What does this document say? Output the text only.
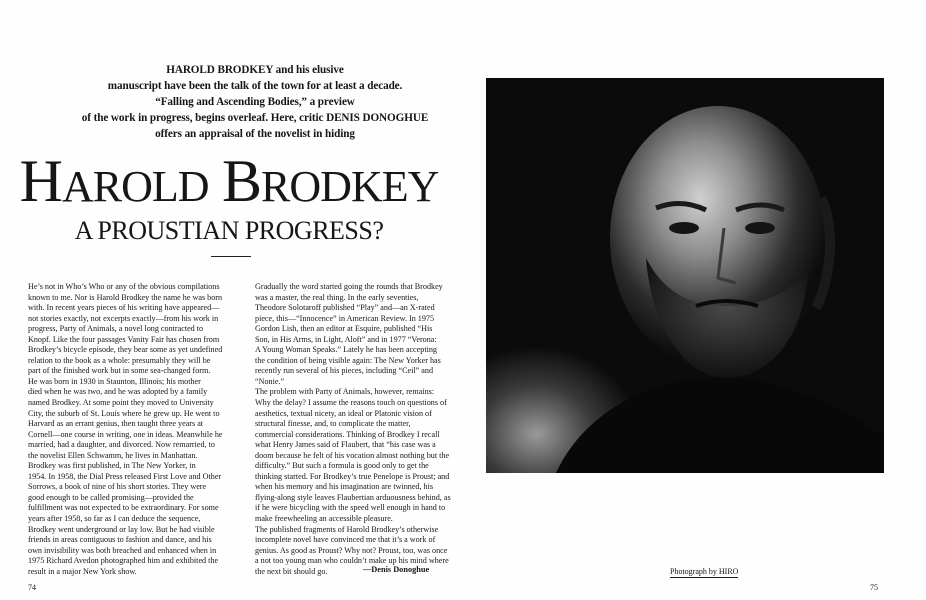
HAROLD BRODKEY and his elusive
manuscript have been the talk of the town for at least a decade.
“Falling and Ascending Bodies,” a preview
of the work in progress, begins overleaf. Here, critic DENIS DONOGHUE
offers an appraisal of the novelist in hiding
HAROLD BRODKEY
A PROUSTIAN PROGRESS?
He’s not in Who’s Who or any of the obvious compilations
known to me. Nor is Harold Brodkey the name he was born
with. In recent years pieces of his writing have appeared—
not stories exactly, not excerpts exactly—from his work in
progress, Party of Animals, a novel long contracted to
Knopf. Like the four passages Vanity Fair has chosen from
Brodkey’s bicycle episode, they bear some as yet undefined
relation to the book as a whole: presumably they will be
part of the finished work but in some sea-changed form.
He was born in 1930 in Staunton, Illinois; his mother
died when he was two, and he was adopted by a family
named Brodkey. At some point they moved to University
City, the suburb of St. Louis where he grew up. He went to
Harvard as an errant genius, then taught three years at
Cornell—one course in writing, one in ideas. Meanwhile he
married, had a daughter, and divorced. Now remarried, to
the novelist Ellen Schwamm, he lives in Manhattan.
Brodkey was first published, in The New Yorker, in
1954. In 1958, the Dial Press released First Love and Other
Sorrows, a book of nine of his short stories. They were
good enough to be called promising—provided the
fulfillment was not expected to be extraordinary. For some
years after 1958, so far as I can deduce the sequence,
Brodkey went underground or lay low. But he had visible
friends in areas contiguous to fashion and dance, and his
own invisibility was both breached and enhanced when in
1975 Richard Avedon photographed him and exhibited the
result in a major New York show.
Gradually the word started going the rounds that Brodkey
was a master, the real thing. In the early seventies,
Theodore Solotaroff published “Play” and—an X-rated
piece, this—“Innocence” in American Review. In 1975
Gordon Lish, then an editor at Esquire, published “His
Son, in His Arms, in Light, Aloft” and in 1977 “Verona:
A Young Woman Speaks.” Lately he has been accepting
the condition of being visible again: The New Yorker has
recently run several of his pieces, including “Ceil” and
“Nonie.”
The problem with Party of Animals, however, remains:
Why the delay? I assume the reasons touch on questions of
aesthetics, textual nicety, an ideal or Platonic vision of
structural finesse, and, to complicate the matter,
commercial considerations. Thinking of Brodkey I recall
what Henry James said of Flaubert, that “his case was a
doom because he felt of his vocation almost nothing but the
difficulty.” But such a formula is good only to get the
thinking started. For Brodkey’s true Penelope is Proust; and
when his memory and his imagination are twinned, his
flying-along style leaves Flaubertian arduousness behind, as
if he were bicycling with the speed well enough in hand to
make freewheeling an accessible pleasure.
The published fragments of Harold Brodkey’s otherwise
incomplete novel have convinced me that it’s a work of
genius. As good as Proust? Why not? Proust, too, was once
a not too young man who couldn’t make up his mind where
the next bit should go.	—Denis Donoghue	Photograph by HIRO
74	75
